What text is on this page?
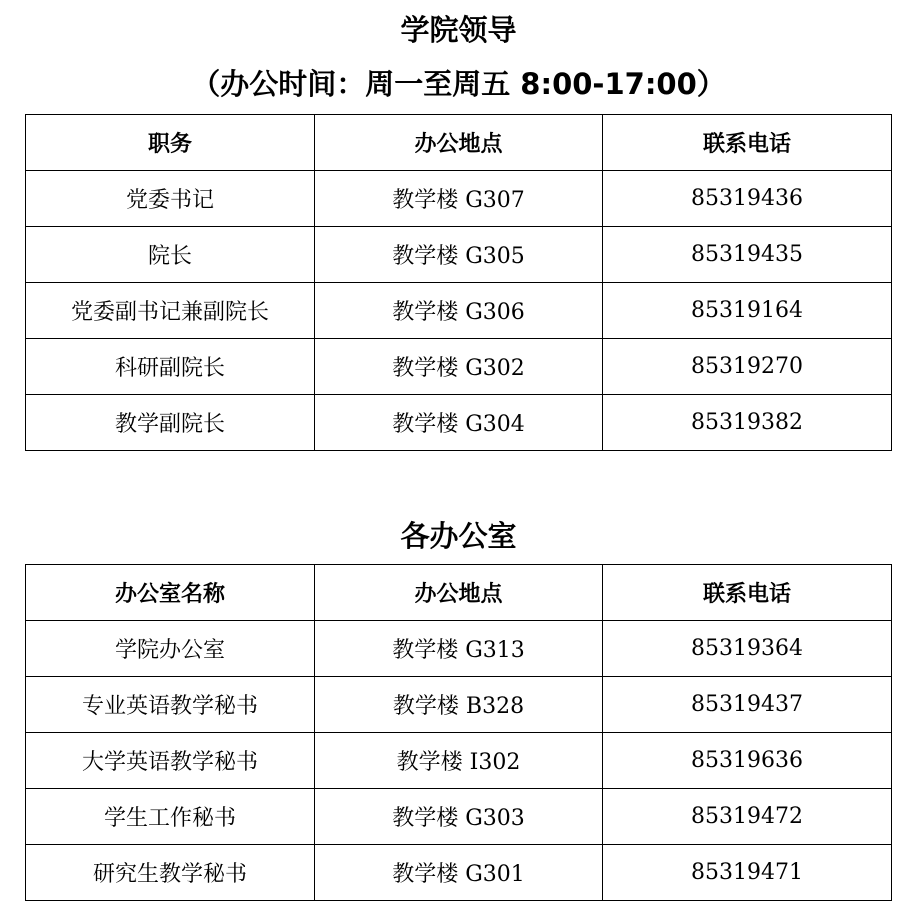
学院领导
（办公时间：周一至周五 8:00-17:00）
职务	办公地点	联系电话
党委书记	教学楼 G307	85319436
院长	教学楼 G305	85319435
党委副书记兼副院长	教学楼 G306	85319164
科研副院长	教学楼 G302	85319270
教学副院长	教学楼 G304	85319382
各办公室
办公室名称	办公地点	联系电话
学院办公室	教学楼 G313	85319364
专业英语教学秘书	教学楼 B328	85319437
大学英语教学秘书	教学楼 I302	85319636
学生工作秘书	教学楼 G303	85319472
研究生教学秘书	教学楼 G301	85319471
